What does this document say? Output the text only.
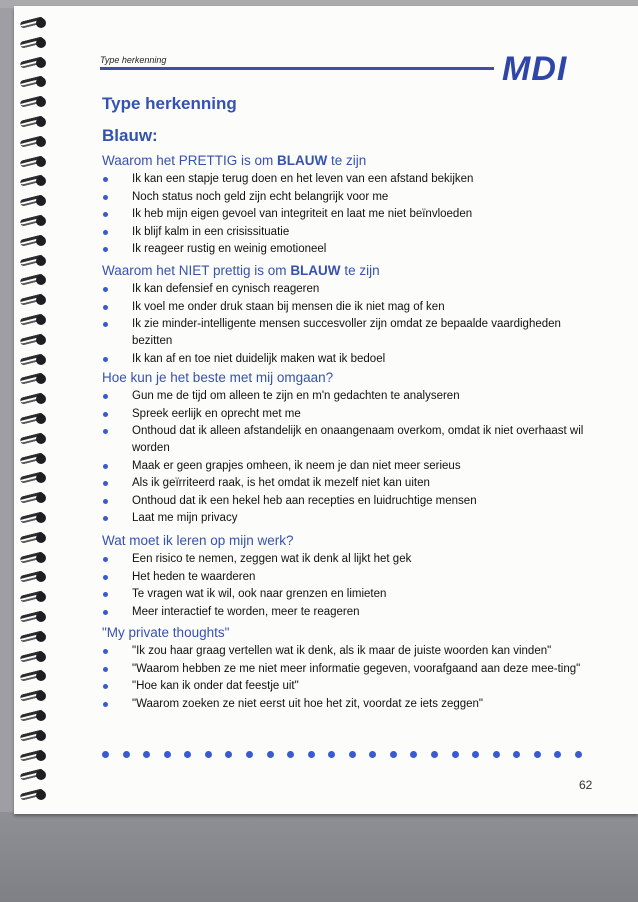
Type herkenning	MDI
Type herkenning
Blauw:
Waarom het PRETTIG is om BLAUW te zijn
Ik kan een stapje terug doen en het leven van een afstand bekijken
Noch status noch geld zijn echt belangrijk voor me
Ik heb mijn eigen gevoel van integriteit en laat me niet beïnvloeden
Ik blijf kalm in een crisissituatie
Ik reageer rustig en weinig emotioneel
Waarom het NIET prettig is om BLAUW te zijn
Ik kan defensief en cynisch reageren
Ik voel me onder druk staan bij mensen die ik niet mag of ken
Ik zie minder-intelligente mensen succesvoller zijn omdat ze bepaalde vaardigheden bezitten
Ik kan af en toe niet duidelijk maken wat ik bedoel
Hoe kun je het beste met mij omgaan?
Gun me de tijd om alleen te zijn en m'n gedachten te analyseren
Spreek eerlijk en oprecht met me
Onthoud dat ik alleen afstandelijk en onaangenaam overkom, omdat ik niet overhaast wil worden
Maak er geen grapjes omheen, ik neem je dan niet meer serieus
Als ik geïrriteerd raak, is het omdat ik mezelf niet kan uiten
Onthoud dat ik een hekel heb aan recepties en luidruchtige mensen
Laat me mijn privacy
Wat moet ik leren op mijn werk?
Een risico te nemen, zeggen wat ik denk al lijkt het gek
Het heden te waarderen
Te vragen wat ik wil, ook naar grenzen en limieten
Meer interactief te worden, meer te reageren
"My private thoughts"
"Ik zou haar graag vertellen wat ik denk, als ik maar de juiste woorden kan vinden"
"Waarom hebben ze me niet meer informatie gegeven, voorafgaand aan deze mee-ting"
"Hoe kan ik onder dat feestje uit"
"Waarom zoeken ze niet eerst uit hoe het zit, voordat ze iets zeggen"
62
